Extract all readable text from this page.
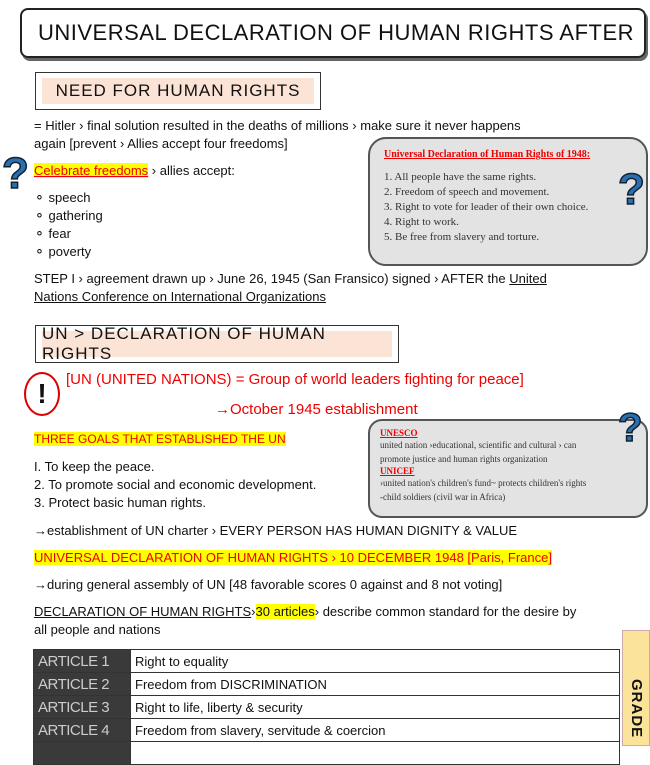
UNIVERSAL DECLARATION OF HUMAN RIGHTS AFTER
NEED FOR HUMAN RIGHTS
= Hitler › final solution resulted in the deaths of millions › make sure it never happens
again [prevent › Allies accept four freedoms]
? Celebrate freedoms › allies accept:
⚬ speech
⚬ gathering
⚬ fear
⚬ poverty
Universal Declaration of Human Rights of 1948:
1. All people have the same rights.
2. Freedom of speech and movement.
3. Right to vote for leader of their own choice.
4. Right to work.
5. Be free from slavery and torture.
?
STEP I › agreement drawn up › June 26, 1945 (San Fransico) signed › AFTER the United
Nations Conference on International Organizations
UN > DECLARATION OF HUMAN RIGHTS
!	[UN (UNITED NATIONS) = Group of world leaders fighting for peace]
→October 1945 establishment
THREE GOALS THAT ESTABLISHED THE UN
I. To keep the peace.
2. To promote social and economic development.
3. Protect basic human rights.
UNESCO
united nation ›educational, scientific and cultural › can
promote justice and human rights organization
UNICEF
›united nation's children's fund~ protects children's rights
-child soldiers (civil war in Africa)
?
→establishment of UN charter › EVERY PERSON HAS HUMAN DIGNITY & VALUE
UNIVERSAL DECLARATION OF HUMAN RIGHTS › 10 DECEMBER 1948 [Paris, France]
→during general assembly of UN [48 favorable scores 0 against and 8 not voting]
DECLARATION OF HUMAN RIGHTS›30 articles› describe common standard for the desire by
all people and nations
ARTICLE 1	Right to equality
ARTICLE 2	Freedom from DISCRIMINATION
ARTICLE 3	Right to life, liberty & security
ARTICLE 4	Freedom from slavery, servitude & coercion
		GRADE
